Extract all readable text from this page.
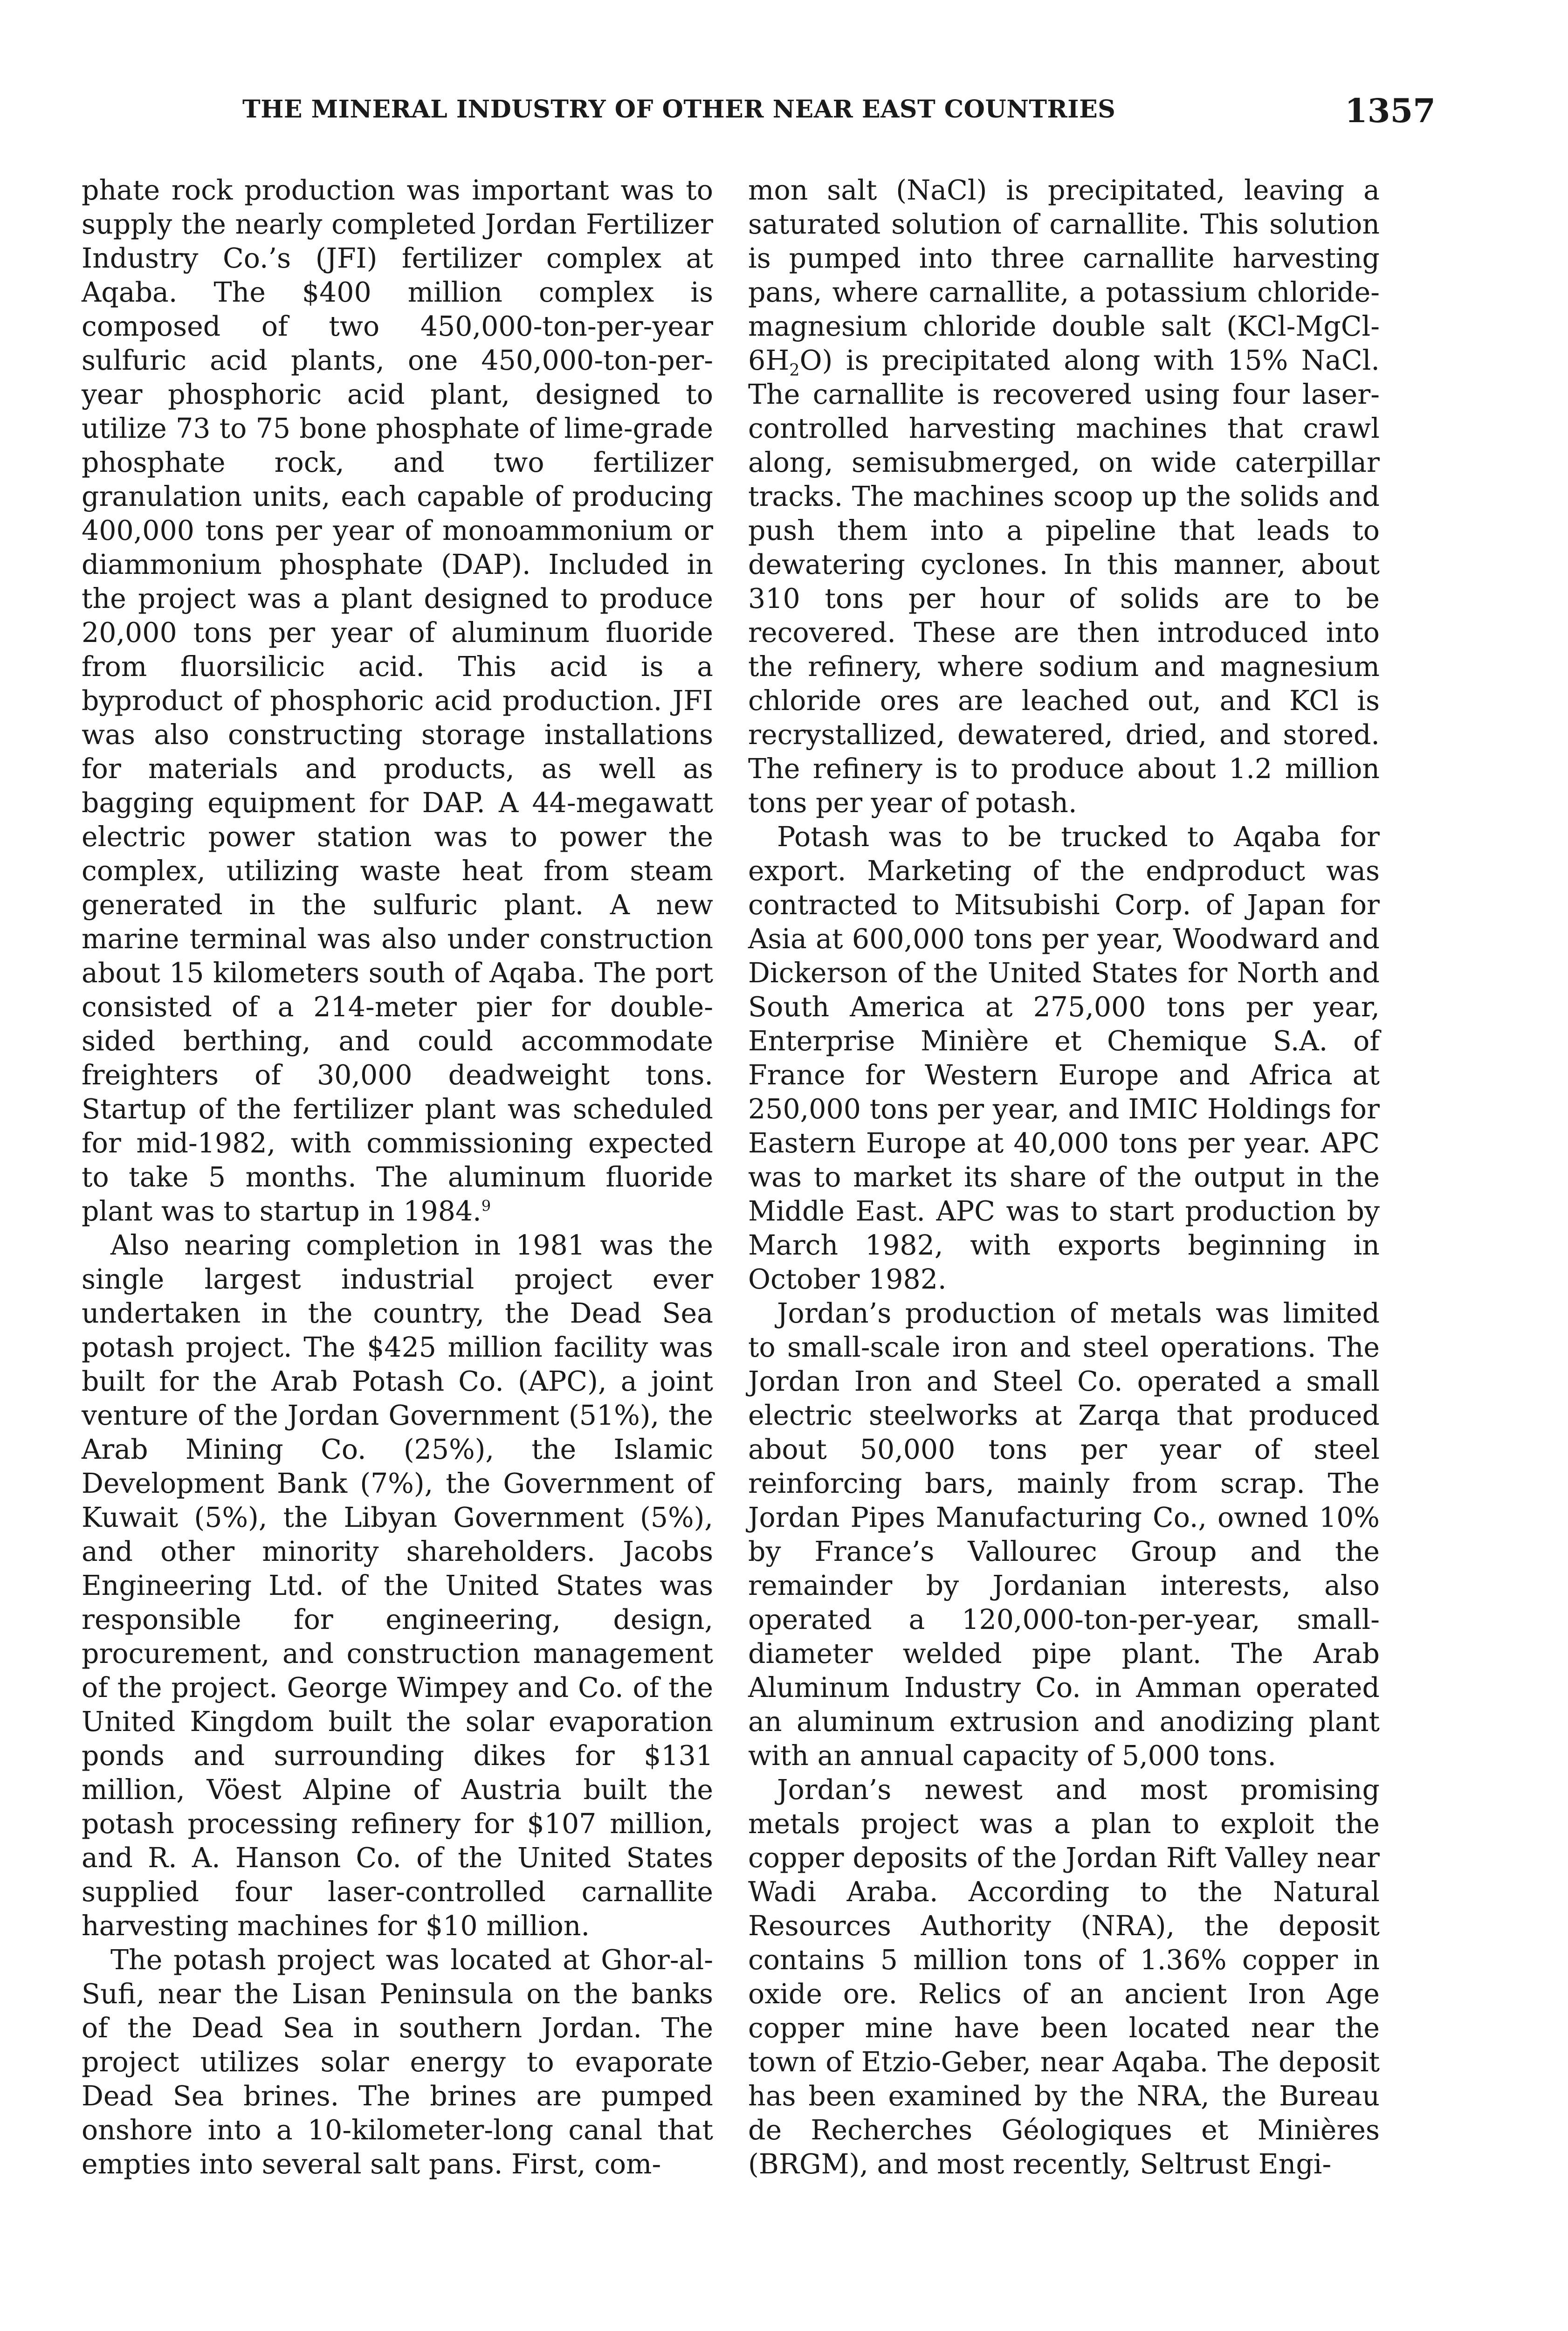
THE MINERAL INDUSTRY OF OTHER NEAR EAST COUNTRIES	1357

phate rock production was important was to supply the nearly completed Jordan Fertilizer Industry Co.’s (JFI) fertilizer complex at Aqaba. The $400 million complex is composed of two 450,000-ton-per-year sulfuric acid plants, one 450,000-ton-per-year phosphoric acid plant, designed to utilize 73 to 75 bone phosphate of lime-grade phosphate rock, and two fertilizer granulation units, each capable of producing 400,000 tons per year of monoammonium or diammonium phosphate (DAP). Included in the project was a plant designed to produce 20,000 tons per year of aluminum fluoride from fluorsilicic acid. This acid is a byproduct of phosphoric acid production. JFI was also constructing storage installations for materials and products, as well as bagging equipment for DAP. A 44-megawatt electric power station was to power the complex, utilizing waste heat from steam generated in the sulfuric plant. A new marine terminal was also under construction about 15 kilometers south of Aqaba. The port consisted of a 214-meter pier for double-sided berthing, and could accommodate freighters of 30,000 deadweight tons. Startup of the fertilizer plant was scheduled for mid-1982, with commissioning expected to take 5 months. The aluminum fluoride plant was to startup in 1984.$^9$

Also nearing completion in 1981 was the single largest industrial project ever undertaken in the country, the Dead Sea potash project. The $425 million facility was built for the Arab Potash Co. (APC), a joint venture of the Jordan Government (51%), the Arab Mining Co. (25%), the Islamic Development Bank (7%), the Government of Kuwait (5%), the Libyan Government (5%), and other minority shareholders. Jacobs Engineering Ltd. of the United States was responsible for engineering, design, procurement, and construction management of the project. George Wimpey and Co. of the United Kingdom built the solar evaporation ponds and surrounding dikes for $131 million, Vöest Alpine of Austria built the potash processing refinery for $107 million, and R. A. Hanson Co. of the United States supplied four laser-controlled carnallite harvesting machines for $10 million.

The potash project was located at Ghor-al-Sufi, near the Lisan Peninsula on the banks of the Dead Sea in southern Jordan. The project utilizes solar energy to evaporate Dead Sea brines. The brines are pumped onshore into a 10-kilometer-long canal that empties into several salt pans. First, com-

mon salt (NaCl) is precipitated, leaving a saturated solution of carnallite. This solution is pumped into three carnallite harvesting pans, where carnallite, a potassium chloride-magnesium chloride double salt $(KCl-MgCl-6H_2O)$ is precipitated along with 15% NaCl. The carnallite is recovered using four laser-controlled harvesting machines that crawl along, semisubmerged, on wide caterpillar tracks. The machines scoop up the solids and push them into a pipeline that leads to dewatering cyclones. In this manner, about 310 tons per hour of solids are to be recovered. These are then introduced into the refinery, where sodium and magnesium chloride ores are leached out, and KCl is recrystallized, dewatered, dried, and stored. The refinery is to produce about 1.2 million tons per year of potash.

Potash was to be trucked to Aqaba for export. Marketing of the endproduct was contracted to Mitsubishi Corp. of Japan for Asia at 600,000 tons per year, Woodward and Dickerson of the United States for North and South America at 275,000 tons per year, Enterprise Minière et Chemique S.A. of France for Western Europe and Africa at 250,000 tons per year, and IMIC Holdings for Eastern Europe at 40,000 tons per year. APC was to market its share of the output in the Middle East. APC was to start production by March 1982, with exports beginning in October 1982.

Jordan’s production of metals was limited to small-scale iron and steel operations. The Jordan Iron and Steel Co. operated a small electric steelworks at Zarqa that produced about 50,000 tons per year of steel reinforcing bars, mainly from scrap. The Jordan Pipes Manufacturing Co., owned 10% by France’s Vallourec Group and the remainder by Jordanian interests, also operated a 120,000-ton-per-year, small-diameter welded pipe plant. The Arab Aluminum Industry Co. in Amman operated an aluminum extrusion and anodizing plant with an annual capacity of 5,000 tons.

Jordan’s newest and most promising metals project was a plan to exploit the copper deposits of the Jordan Rift Valley near Wadi Araba. According to the Natural Resources Authority (NRA), the deposit contains 5 million tons of 1.36% copper in oxide ore. Relics of an ancient Iron Age copper mine have been located near the town of Etzio-Geber, near Aqaba. The deposit has been examined by the NRA, the Bureau de Recherches Géologiques et Minières (BRGM), and most recently, Seltrust Engi-
